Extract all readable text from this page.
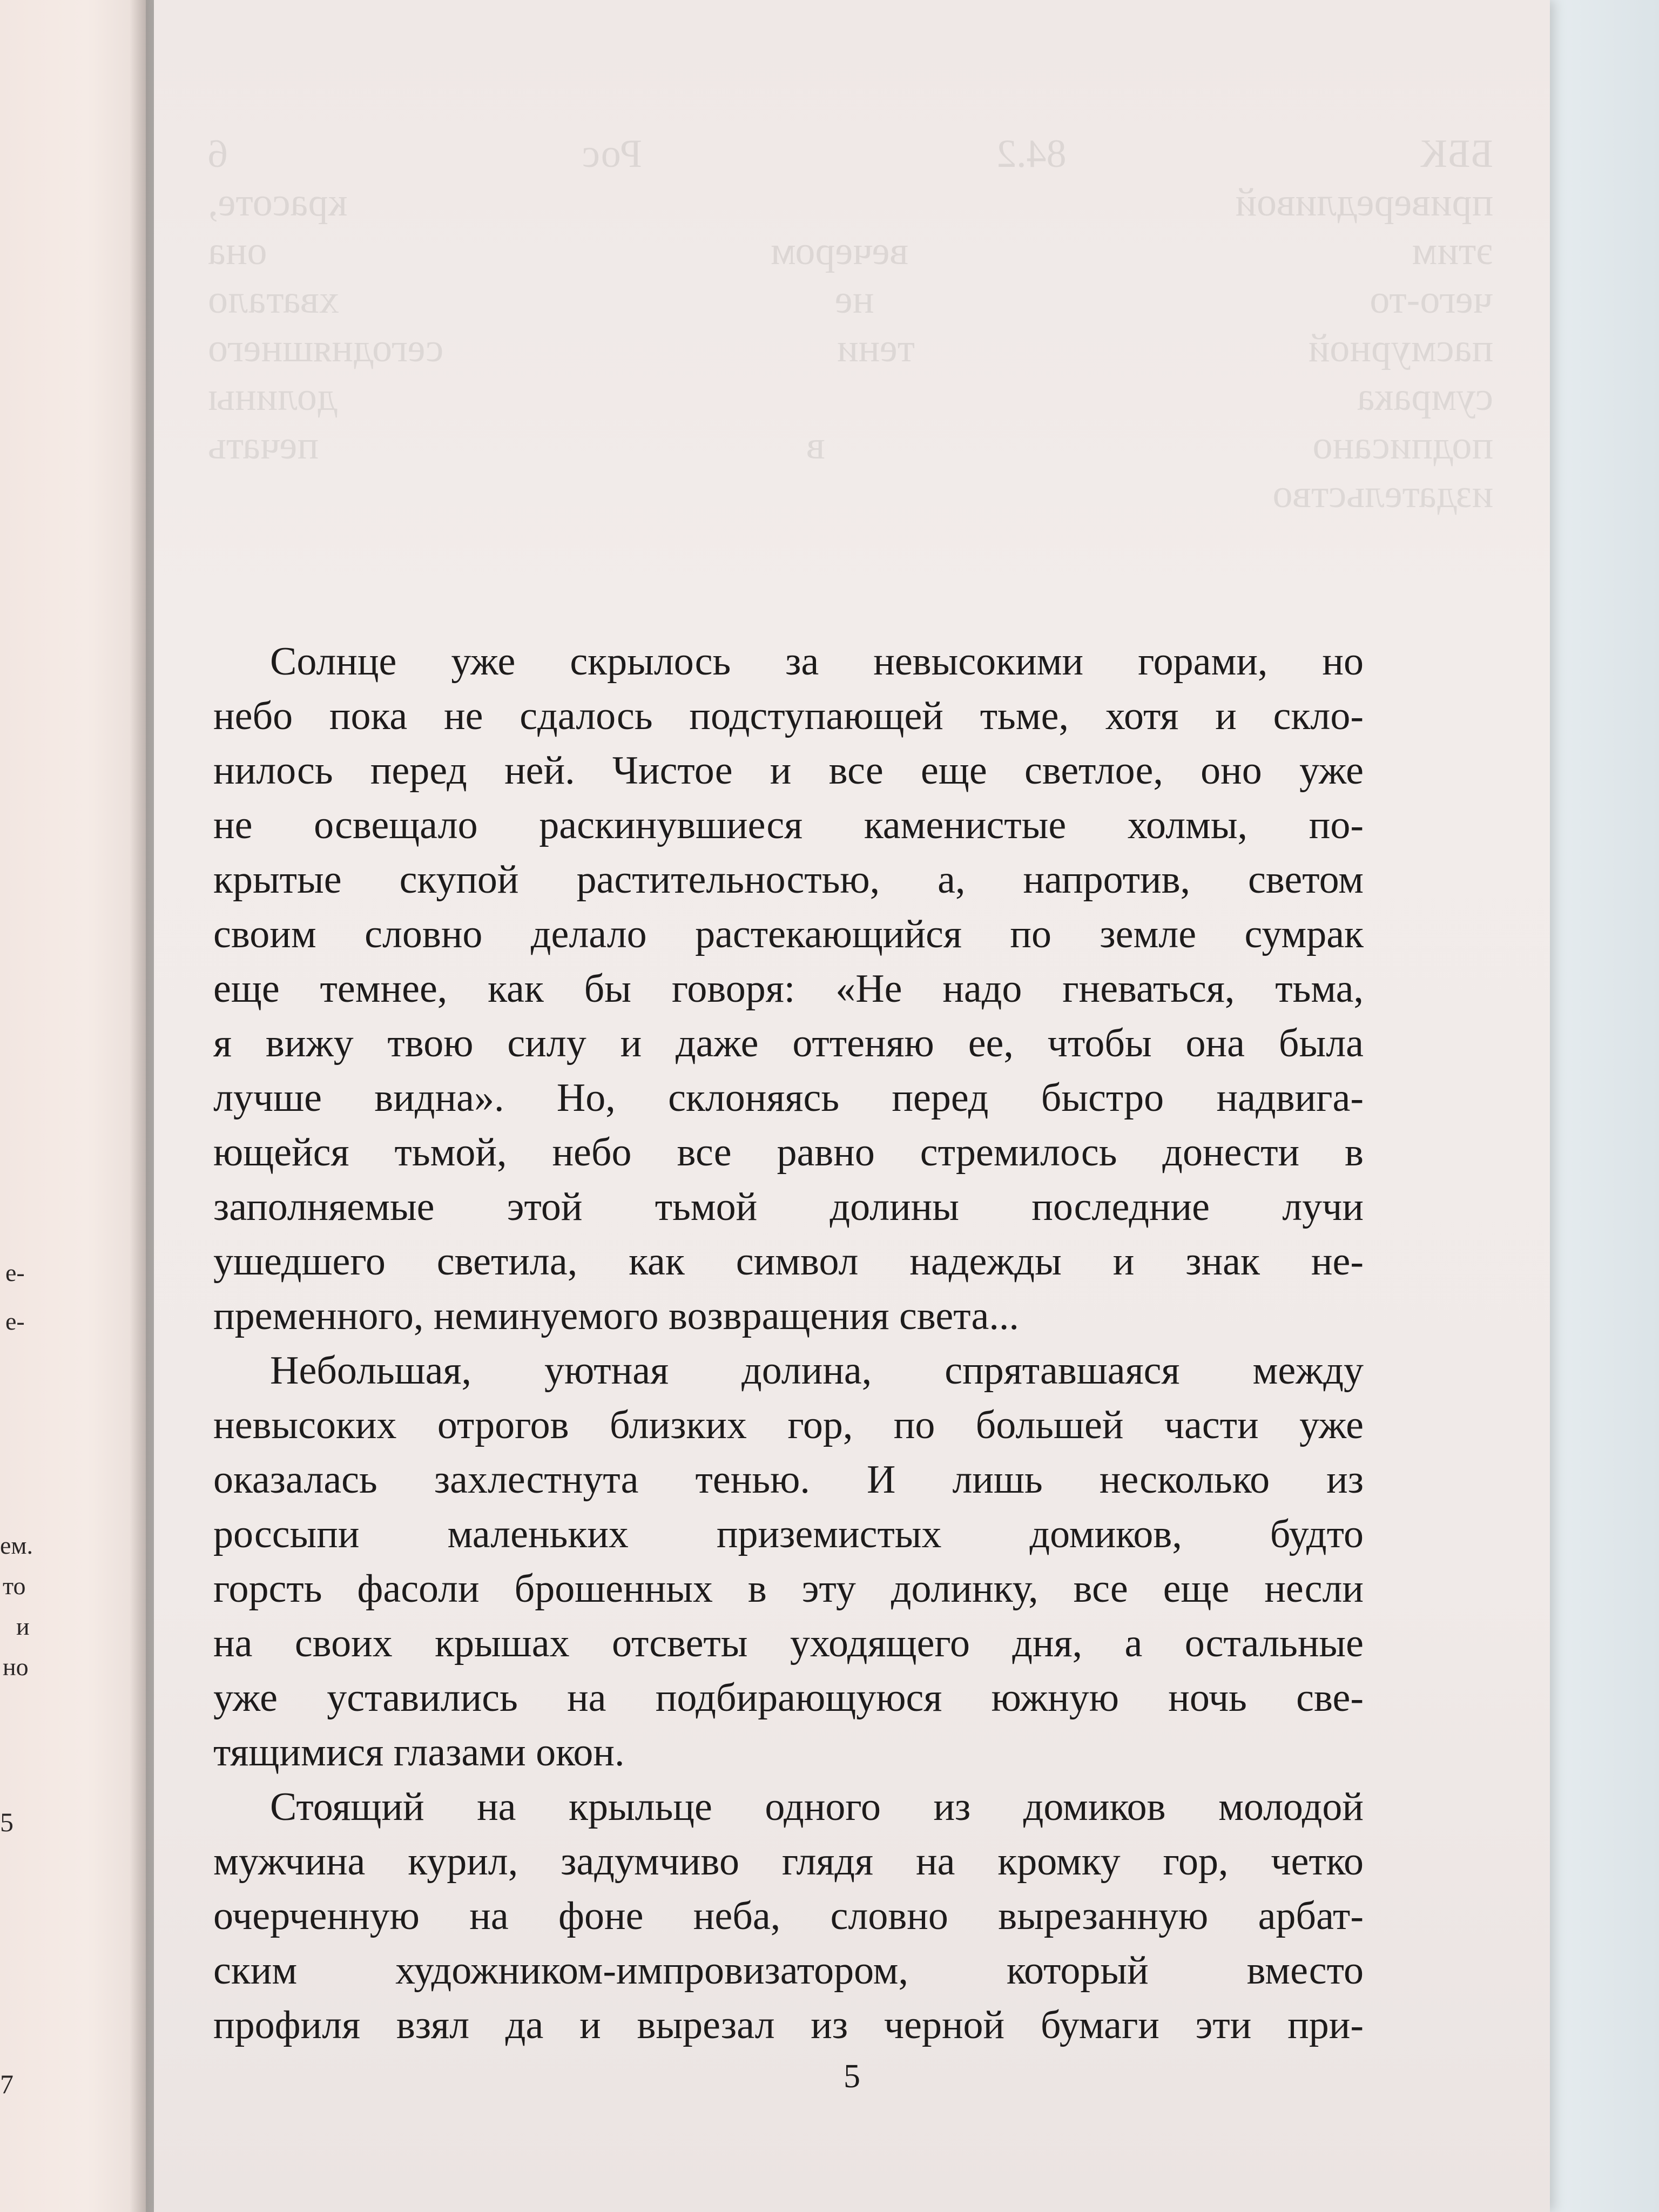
е-
е-
ем.
то
и
но
5
7
ББК 84.2 Рос 6
привередливой красоте,
этим вечером она
чего-то не хватало
пасмурной тени сегодняшнего
сумрака долины
подписано в печать
издательство
Солнце уже скрылось за невысокими горами, но
небо пока не сдалось подступающей тьме, хотя и скло-
нилось перед ней. Чистое и все еще светлое, оно уже
не освещало раскинувшиеся каменистые холмы, по-
крытые скупой растительностью, а, напротив, светом
своим словно делало растекающийся по земле сумрак
еще темнее, как бы говоря: «Не надо гневаться, тьма,
я вижу твою силу и даже оттеняю ее, чтобы она была
лучше видна». Но, склоняясь перед быстро надвига-
ющейся тьмой, небо все равно стремилось донести в
заполняемые этой тьмой долины последние лучи
ушедшего светила, как символ надежды и знак не-
пременного, неминуемого возвращения света...
Небольшая, уютная долина, спрятавшаяся между
невысоких отрогов близких гор, по большей части уже
оказалась захлестнута тенью. И лишь несколько из
россыпи маленьких приземистых домиков, будто
горсть фасоли брошенных в эту долинку, все еще несли
на своих крышах отсветы уходящего дня, а остальные
уже уставились на подбирающуюся южную ночь све-
тящимися глазами окон.
Стоящий на крыльце одного из домиков молодой
мужчина курил, задумчиво глядя на кромку гор, четко
очерченную на фоне неба, словно вырезанную арбат-
ским художником-импровизатором, который вместо
профиля взял да и вырезал из черной бумаги эти при-
5
